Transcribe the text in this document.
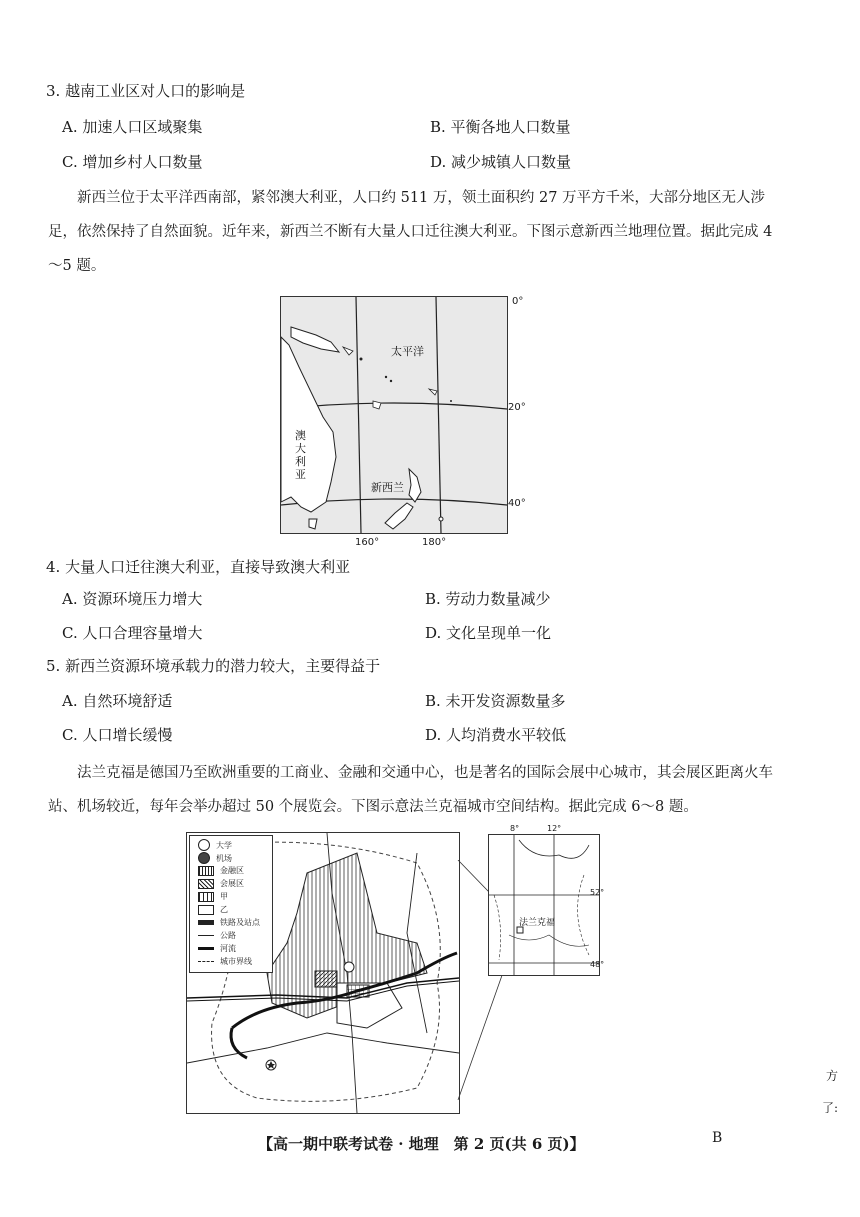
3. 越南工业区对人口的影响是
A. 加速人口区域聚集	B. 平衡各地人口数量
C. 增加乡村人口数量	D. 减少城镇人口数量
新西兰位于太平洋西南部，紧邻澳大利亚，人口约 511 万，领土面积约 27 万平方千米，大部分地区无人涉足，依然保持了自然面貌。近年来，新西兰不断有大量人口迁往澳大利亚。下图示意新西兰地理位置。据此完成 4～5 题。
太平洋
澳大利亚
新西兰
0°
20°
40°
160°	180°
4. 大量人口迁往澳大利亚，直接导致澳大利亚
A. 资源环境压力增大	B. 劳动力数量减少
C. 人口合理容量增大	D. 文化呈现单一化
5. 新西兰资源环境承载力的潜力较大，主要得益于
A. 自然环境舒适	B. 未开发资源数量多
C. 人口增长缓慢	D. 人均消费水平较低
法兰克福是德国乃至欧洲重要的工商业、金融和交通中心，也是著名的国际会展中心城市，其会展区距离火车站、机场较近，每年会举办超过 50 个展览会。下图示意法兰克福城市空间结构。据此完成 6～8 题。
大学
机场
金融区
会展区
甲
乙
铁路及站点
公路
河流
城市界线
法兰克福
8°	12°
52°
48°
方
了:
【高一期中联考试卷 · 地理　第 2 页(共 6 页)】	B
